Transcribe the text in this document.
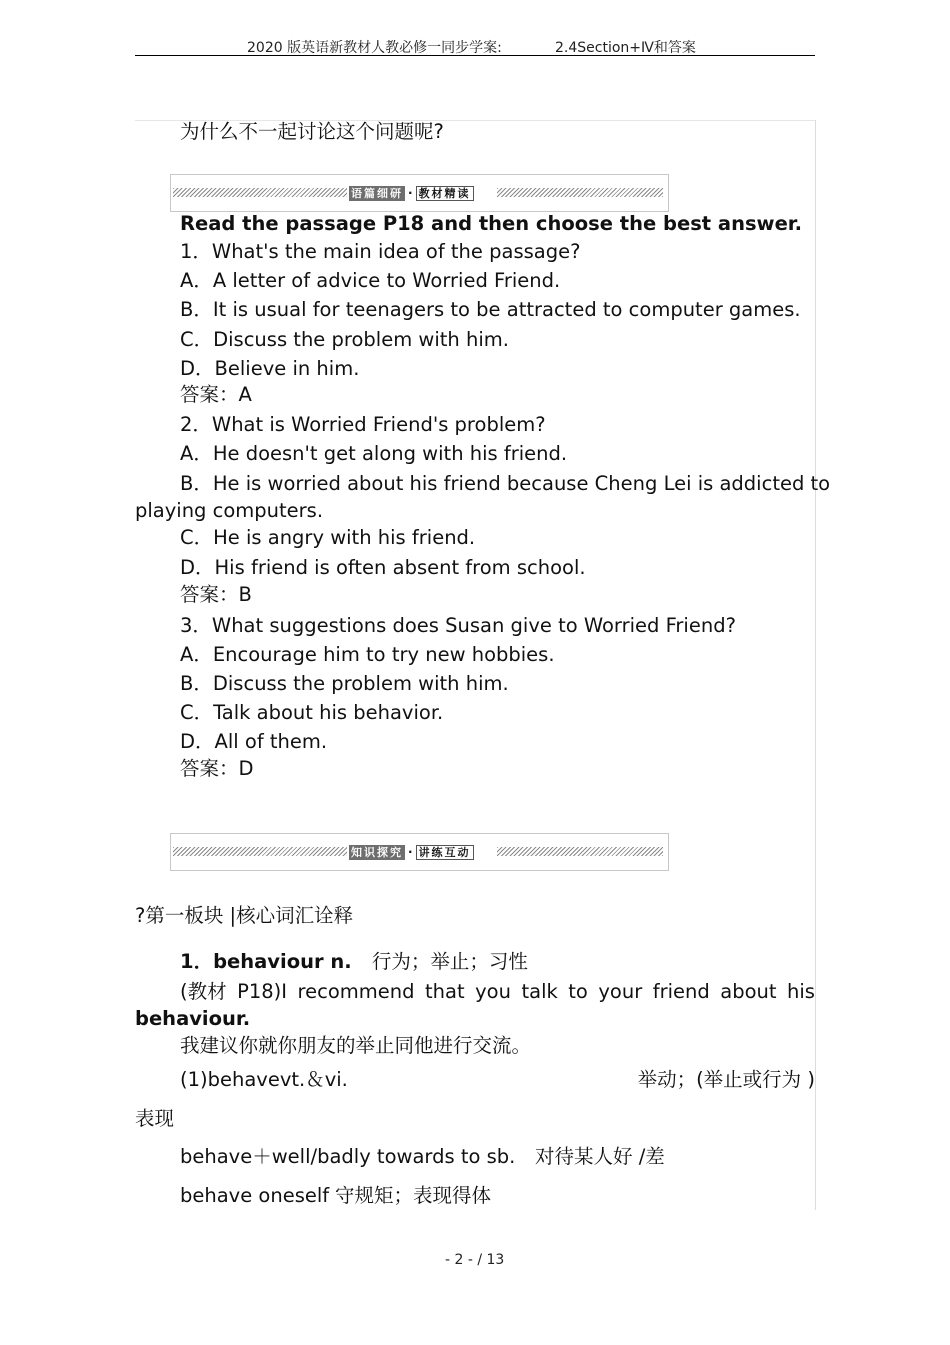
2020 版英语新教材人教必修一同步学案:	2.4Section+Ⅳ和答案
为什么不一起讨论这个问题呢?
语篇细研 · 教材精读
Read the passage P18 and then choose the best answer.
1．What's the main idea of the passage?
A．A letter of advice to Worried Friend.
B．It is usual for teenagers to be attracted to computer games.
C．Discuss the problem with him.
D．Believe in him.
答案：A
2．What is Worried Friend's problem?
A．He doesn't get along with his friend.
B．He is worried about his friend because Cheng Lei is addicted to
playing computers.
C．He is angry with his friend.
D．His friend is often absent from school.
答案：B
3．What suggestions does Susan give to Worried Friend?
A．Encourage him to try new hobbies.
B．Discuss the problem with him.
C．Talk about his behavior.
D．All of them.
答案：D
知识探究 · 讲练互动
?第一板块 |核心词汇诠释
1．behaviour n. 行为；举止；习性
(教材 P18)I recommend that you talk to your friend about his
behaviour.
我建议你就你朋友的举止同他进行交流。
(1)behavevt.＆vi.	举动；(举止或行为 )
表现
behave＋well/badly towards to sb. 对待某人好 /差
behave oneself 守规矩；表现得体
- 2 - / 13
